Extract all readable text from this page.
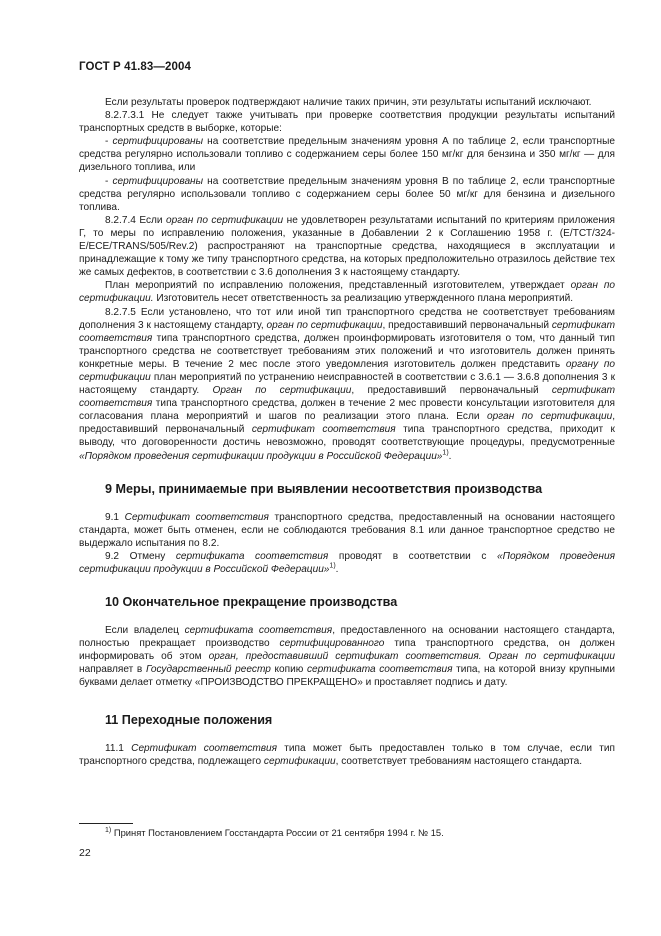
ГОСТ Р 41.83—2004

Если результаты проверок подтверждают наличие таких причин, эти результаты испытаний исключают.

8.2.7.3.1 Не следует также учитывать при проверке соответствия продукции результаты испытаний транспортных средств в выборке, которые:

- сертифицированы на соответствие предельным значениям уровня А по таблице 2, если транспортные средства регулярно использовали топливо с содержанием серы более 150 мг/кг для бензина и 350 мг/кг — для дизельного топлива, или

- сертифицированы на соответствие предельным значениям уровня В по таблице 2, если транспортные средства регулярно использовали топливо с содержанием серы более 50 мг/кг для бензина и дизельного топлива.

8.2.7.4 Если орган по сертификации не удовлетворен результатами испытаний по критериям приложения Г, то меры по исправлению положения, указанные в Добавлении 2 к Соглашению 1958 г. (E/ТСТ/324-E/ECE/TRANS/505/Rev.2) распространяют на транспортные средства, находящиеся в эксплуатации и принадлежащие к тому же типу транспортного средства, на которых предположительно отразилось действие тех же самых дефектов, в соответствии с 3.6 дополнения 3 к настоящему стандарту.

План мероприятий по исправлению положения, представленный изготовителем, утверждает орган по сертификации. Изготовитель несет ответственность за реализацию утвержденного плана мероприятий.

8.2.7.5 Если установлено, что тот или иной тип транспортного средства не соответствует требованиям дополнения 3 к настоящему стандарту, орган по сертификации, предоставивший первоначальный сертификат соответствия типа транспортного средства, должен проинформировать изготовителя о том, что данный тип транспортного средства не соответствует требованиям этих положений и что изготовитель должен принять конкретные меры. В течение 2 мес после этого уведомления изготовитель должен представить органу по сертификации план мероприятий по устранению неисправностей в соответствии с 3.6.1 — 3.6.8 дополнения 3 к настоящему стандарту. Орган по сертификации, предоставивший первоначальный сертификат соответствия типа транспортного средства, должен в течение 2 мес провести консультации изготовителя для согласования плана мероприятий и шагов по реализации этого плана. Если орган по сертификации, предоставивший первоначальный сертификат соответствия типа транспортного средства, приходит к выводу, что договоренности достичь невозможно, проводят соответствующие процедуры, предусмотренные «Порядком проведения сертификации продукции в Российской Федерации»$^{1)}$.

9 Меры, принимаемые при выявлении несоответствия производства

9.1 Сертификат соответствия транспортного средства, предоставленный на основании настоящего стандарта, может быть отменен, если не соблюдаются требования 8.1 или данное транспортное средство не выдержало испытания по 8.2.

9.2 Отмену сертификата соответствия проводят в соответствии с «Порядком проведения сертификации продукции в Российской Федерации»$^{1)}$.

10 Окончательное прекращение производства

Если владелец сертификата соответствия, предоставленного на основании настоящего стандарта, полностью прекращает производство сертифицированного типа транспортного средства, он должен информировать об этом орган, предоставивший сертификат соответствия. Орган по сертификации направляет в Государственный реестр копию сертификата соответствия типа, на которой внизу крупными буквами делает отметку «ПРОИЗВОДСТВО ПРЕКРАЩЕНО» и проставляет подпись и дату.

11 Переходные положения

11.1 Сертификат соответствия типа может быть предоставлен только в том случае, если тип транспортного средства, подлежащего сертификации, соответствует требованиям настоящего стандарта.

$^{1)}$ Принят Постановлением Госстандарта России от 21 сентября 1994 г. № 15.
22
